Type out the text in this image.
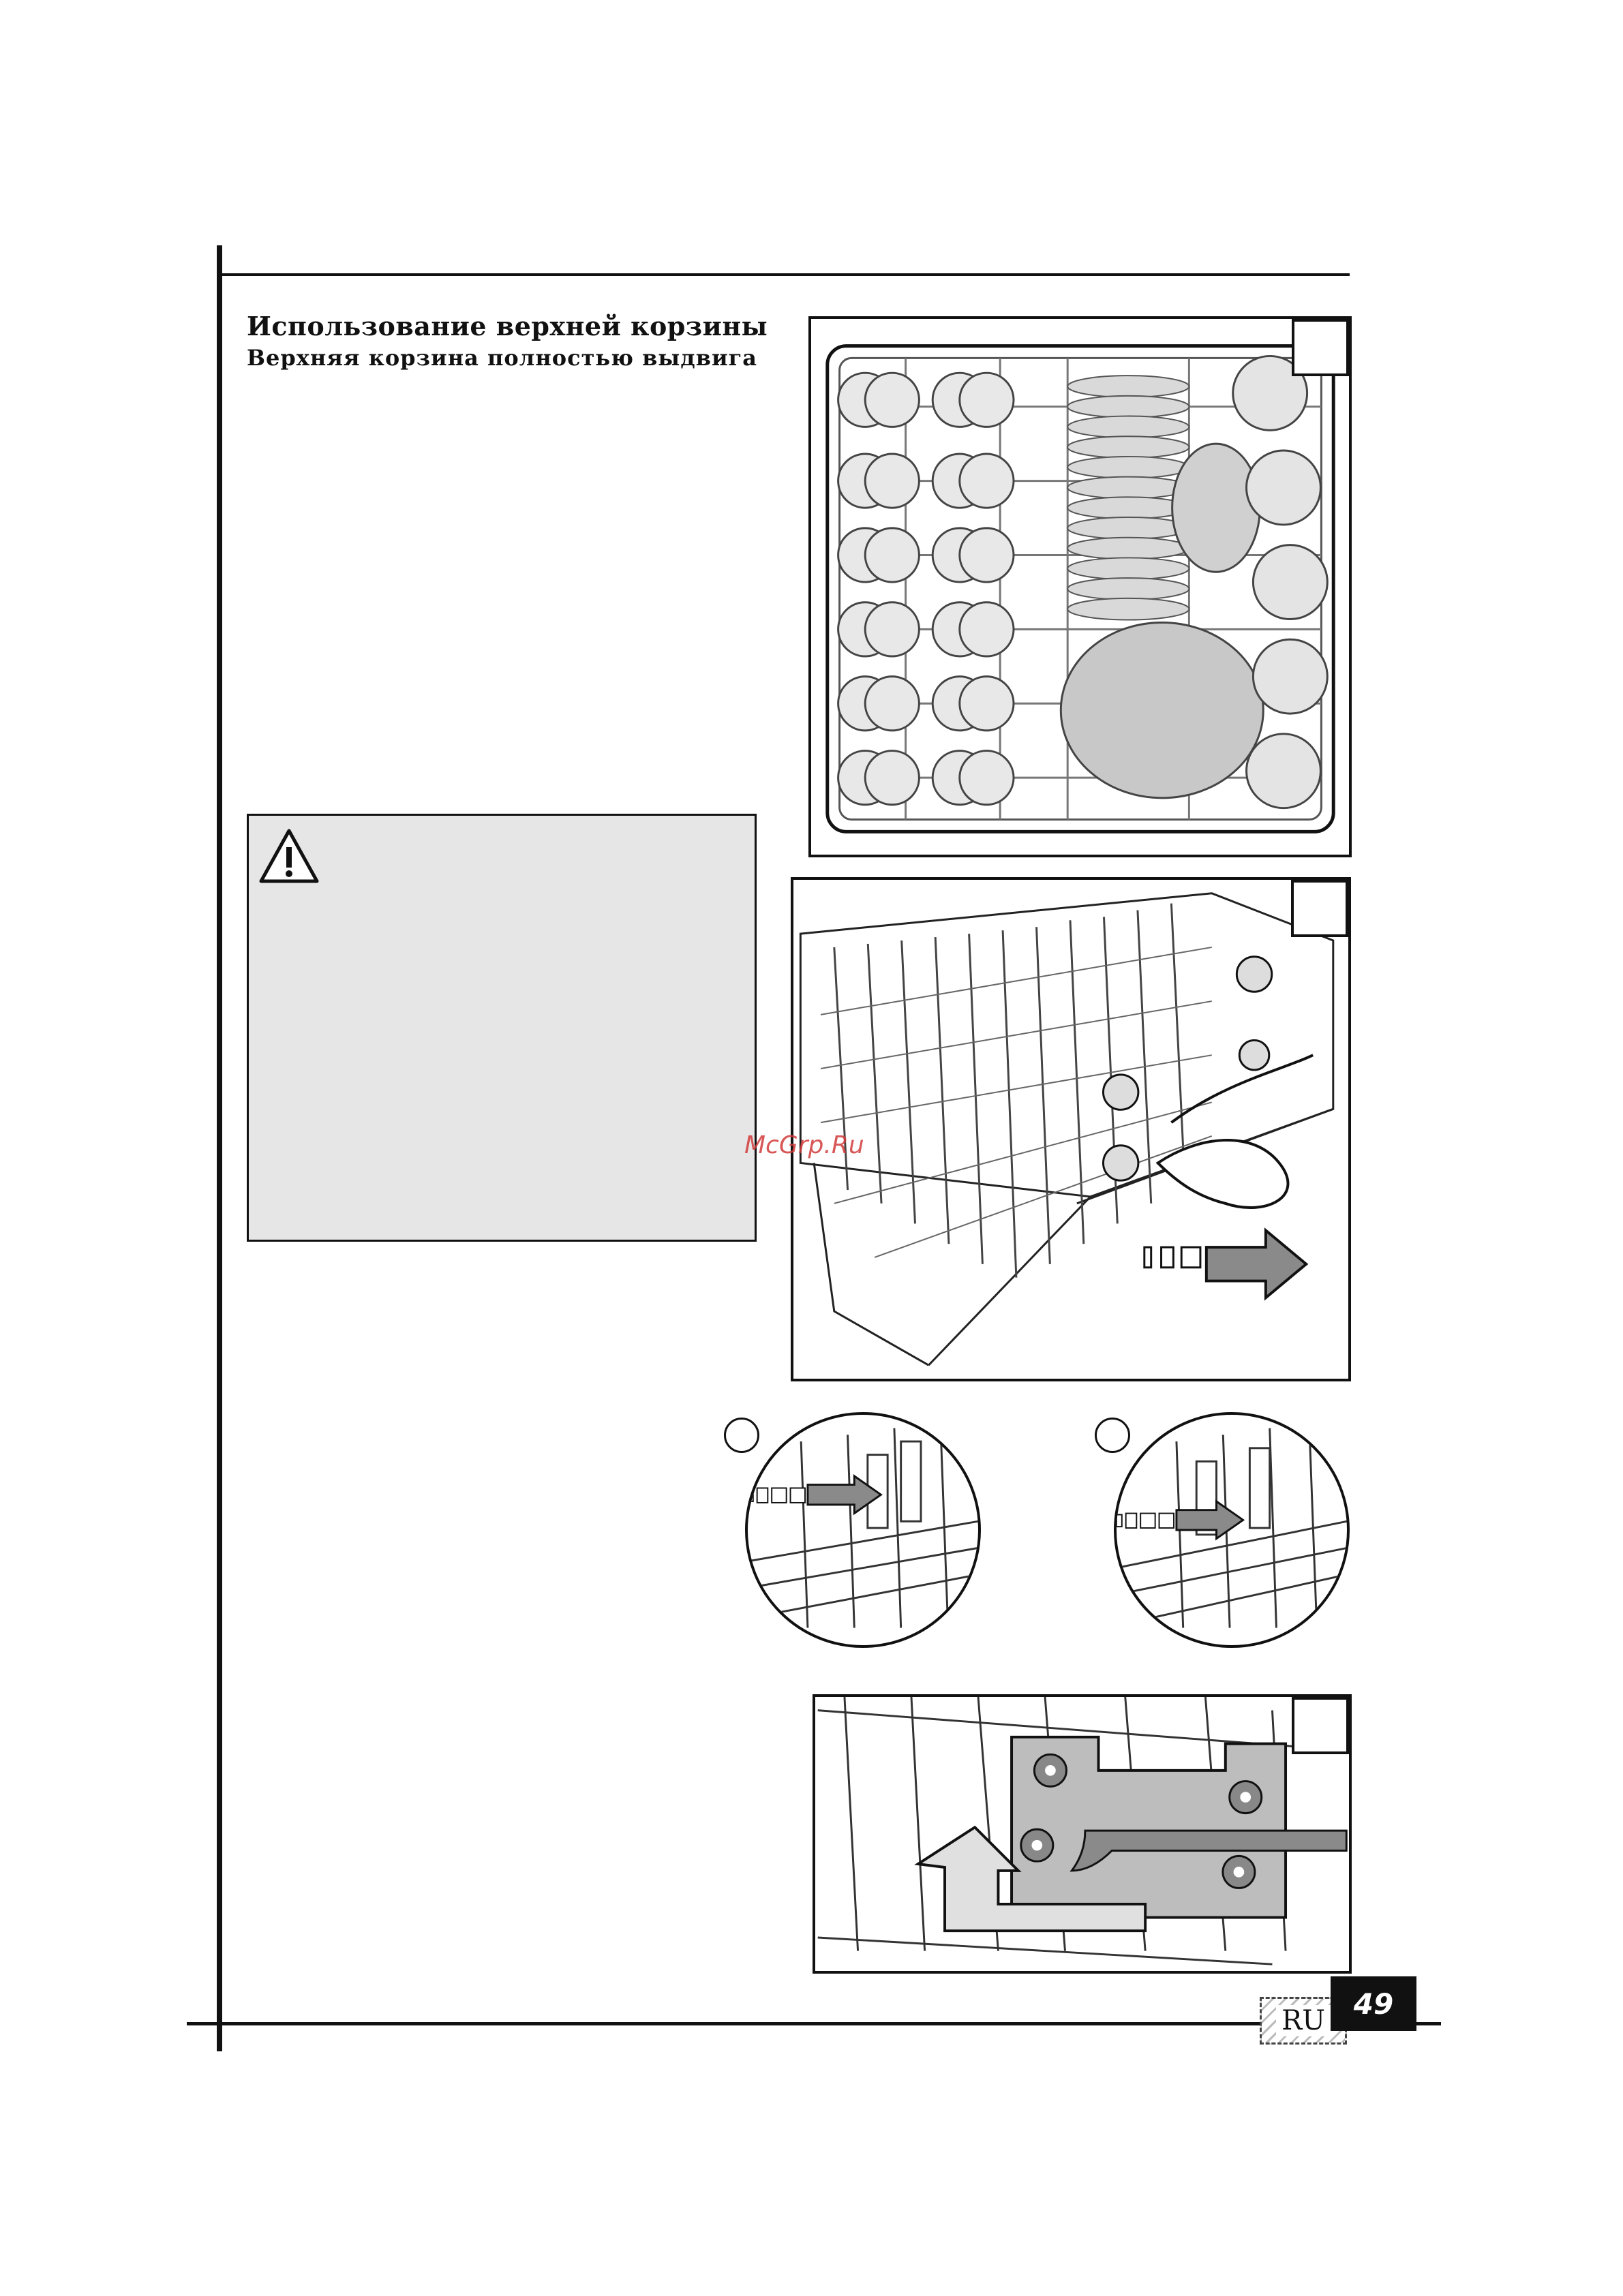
Использование верхней корзины
Верхняя корзина полностью выдвига
McGrp.Ru
RU
49
